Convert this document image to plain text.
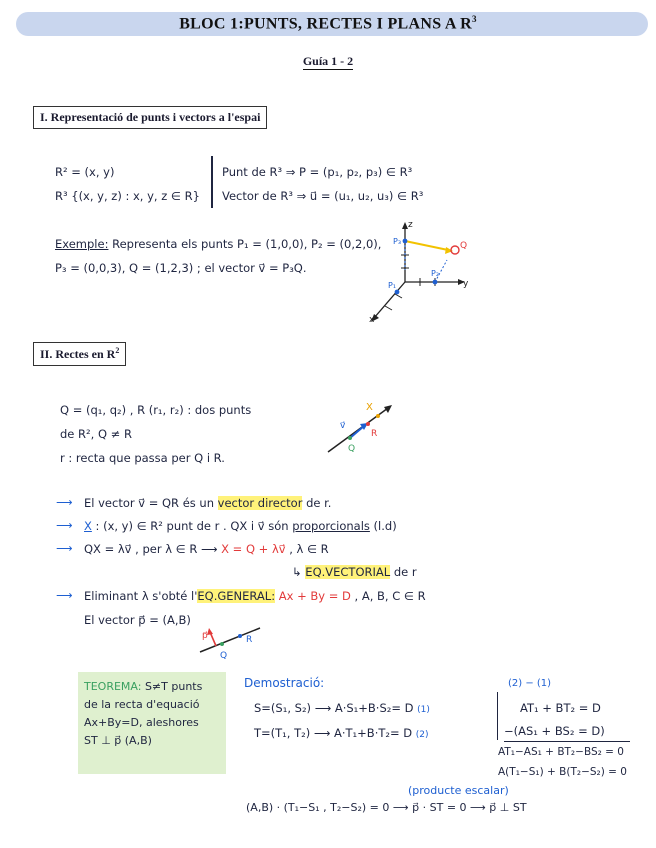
BLOC 1:PUNTS, RECTES I PLANS A $R^3$
Guía 1 - 2
I. Representació de punts i vectors a l'espai
R² = (x, y)
R³ {(x, y, z) : x, y, z ∈ R}
Punt de R³ ⇒ P = (p₁, p₂, p₃) ∈ R³
Vector de R³ ⇒ u⃗ = (u₁, u₂, u₃) ∈ R³
Exemple: Representa els punts P₁ = (1,0,0), P₂ = (0,2,0),
P₃ = (0,0,3), Q = (1,2,3) ; el vector v⃗ = P₃Q.
z
y
x
P₃
P₂
P₁
Q
II. Rectes en $R^2$
Q = (q₁, q₂) , R (r₁, r₂) : dos punts
de R², Q ≠ R
r : recta que passa per Q i R.
X
v⃗
R
Q
⟶ El vector v⃗ = QR és un vector director de r.
⟶ X : (x, y) ∈ R² punt de r . QX i v⃗ són proporcionals (l.d)
⟶ QX = λv⃗ , per λ ∈ R ⟶ X = Q + λv⃗ , λ ∈ R
↳ EQ.VECTORIAL de r
⟶ Eliminant λ s'obté l'EQ.GENERAL: Ax + By = D , A, B, C ∈ R
El vector p⃗ = (A,B)
p⃗	R
Q
TEOREMA: S≠T punts
de la recta d'equació
Ax+By=D, aleshores
ST ⊥ p⃗ (A,B)
Demostració:	(2) − (1)
S=(S₁, S₂) ⟶ A·S₁+B·S₂= D (1)
T=(T₁, T₂) ⟶ A·T₁+B·T₂= D (2)
AT₁ + BT₂ = D
−(AS₁ + BS₂ = D)
AT₁−AS₁ + BT₂−BS₂ = 0
A(T₁−S₁) + B(T₂−S₂) = 0
(producte escalar)
(A,B) · (T₁−S₁ , T₂−S₂) = 0 ⟶ p⃗ · ST = 0 ⟶ p⃗ ⊥ ST
